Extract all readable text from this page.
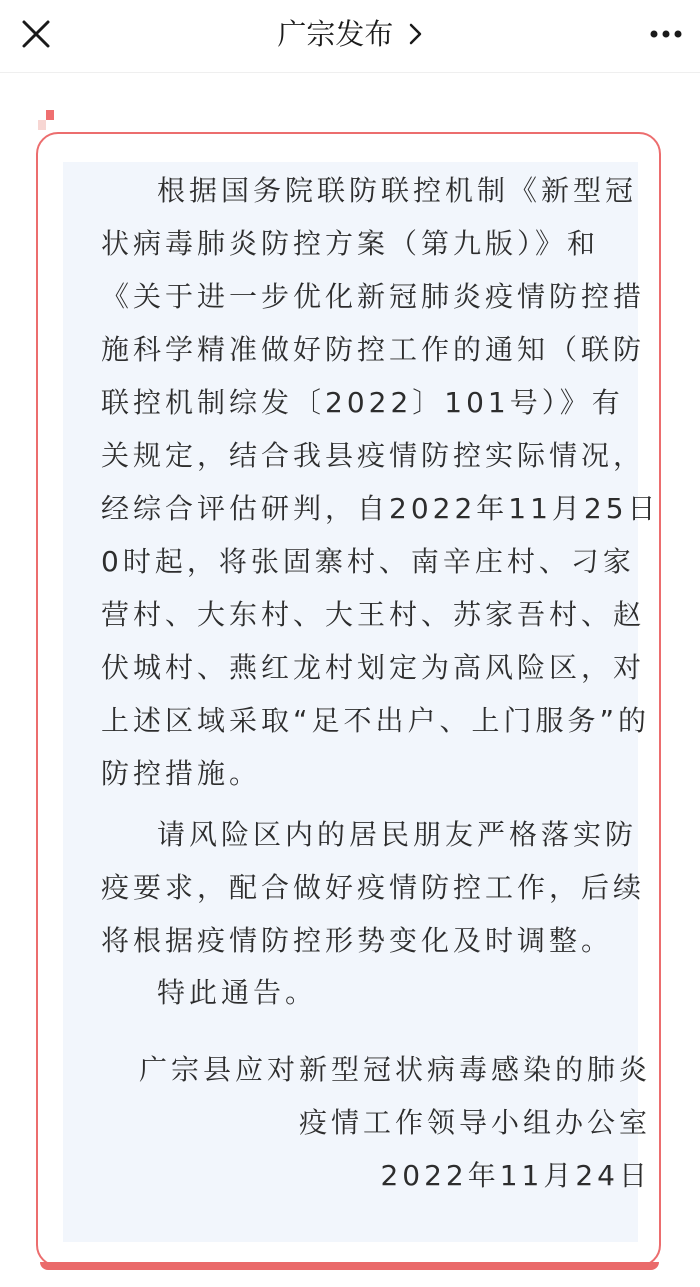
广宗发布
根据国务院联防联控机制《新型冠
状病毒肺炎防控方案（第九版）》和
《关于进一步优化新冠肺炎疫情防控措
施科学精准做好防控工作的通知（联防
联控机制综发〔2022〕101号）》有
关规定，结合我县疫情防控实际情况，
经综合评估研判，自2022年11月25日
0时起，将张固寨村、南辛庄村、刁家
营村、大东村、大王村、苏家吾村、赵
伏城村、燕红龙村划定为高风险区，对
上述区域采取“足不出户、上门服务”的
防控措施。
请风险区内的居民朋友严格落实防
疫要求，配合做好疫情防控工作，后续
将根据疫情防控形势变化及时调整。
特此通告。
广宗县应对新型冠状病毒感染的肺炎
疫情工作领导小组办公室
2022年11月24日
